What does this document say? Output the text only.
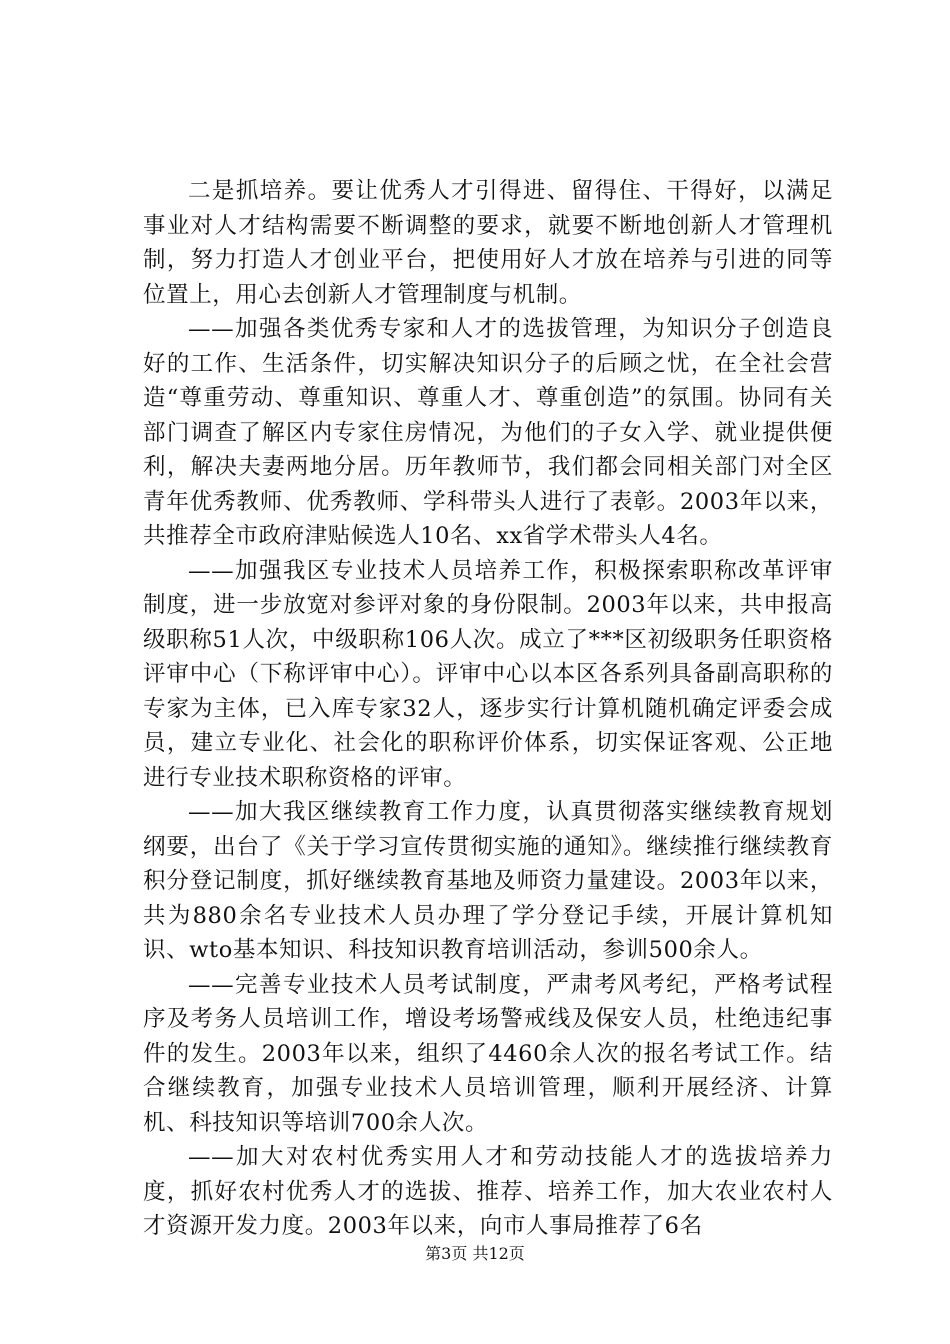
二是抓培养。要让优秀人才引得进、留得住、干得好，以满足事业对人才结构需要不断调整的要求，就要不断地创新人才管理机制，努力打造人才创业平台，把使用好人才放在培养与引进的同等位置上，用心去创新人才管理制度与机制。

——加强各类优秀专家和人才的选拔管理，为知识分子创造良好的工作、生活条件，切实解决知识分子的后顾之忧，在全社会营造“尊重劳动、尊重知识、尊重人才、尊重创造”的氛围。协同有关部门调查了解区内专家住房情况，为他们的子女入学、就业提供便利，解决夫妻两地分居。历年教师节，我们都会同相关部门对全区青年优秀教师、优秀教师、学科带头人进行了表彰。2003年以来，共推荐全市政府津贴候选人10名、xx省学术带头人4名。

——加强我区专业技术人员培养工作，积极探索职称改革评审制度，进一步放宽对参评对象的身份限制。2003年以来，共申报高级职称51人次，中级职称106人次。成立了***区初级职务任职资格评审中心（下称评审中心）。评审中心以本区各系列具备副高职称的专家为主体，已入库专家32人，逐步实行计算机随机确定评委会成员，建立专业化、社会化的职称评价体系，切实保证客观、公正地进行专业技术职称资格的评审。

——加大我区继续教育工作力度，认真贯彻落实继续教育规划纲要，出台了《关于学习宣传贯彻实施的通知》。继续推行继续教育积分登记制度，抓好继续教育基地及师资力量建设。2003年以来，共为880余名专业技术人员办理了学分登记手续，开展计算机知识、wto基本知识、科技知识教育培训活动，参训500余人。

——完善专业技术人员考试制度，严肃考风考纪，严格考试程序及考务人员培训工作，增设考场警戒线及保安人员，杜绝违纪事件的发生。2003年以来，组织了4460余人次的报名考试工作。结合继续教育，加强专业技术人员培训管理，顺利开展经济、计算机、科技知识等培训700余人次。

——加大对农村优秀实用人才和劳动技能人才的选拔培养力度，抓好农村优秀人才的选拔、推荐、培养工作，加大农业农村人才资源开发力度。2003年以来，向市人事局推荐了6名

第3页 共12页
